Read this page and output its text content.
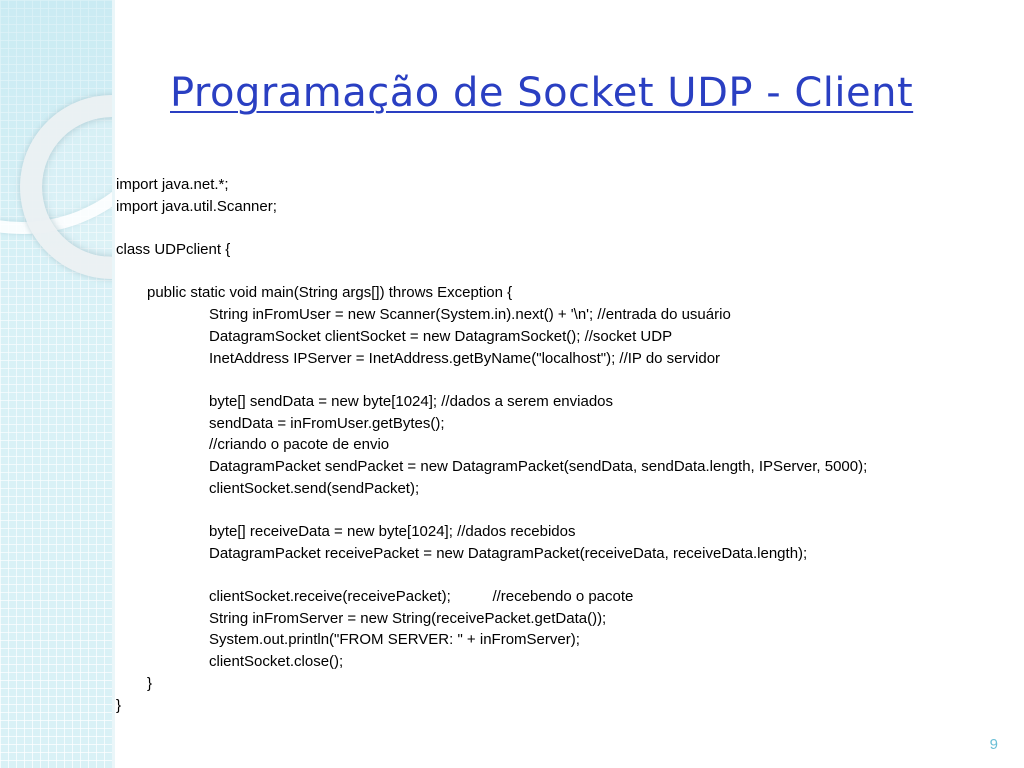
Programação de Socket UDP - Client
import java.net.*;
import java.util.Scanner;
class UDPclient {
public static void main(String args[]) throws Exception {
String inFromUser = new Scanner(System.in).next() + '\n'; //entrada do usuário
DatagramSocket clientSocket = new DatagramSocket(); //socket UDP
InetAddress IPServer = InetAddress.getByName("localhost"); //IP do servidor
byte[] sendData = new byte[1024]; //dados a serem enviados
sendData = inFromUser.getBytes();
//criando o pacote de envio
DatagramPacket sendPacket = new DatagramPacket(sendData, sendData.length, IPServer, 5000);
clientSocket.send(sendPacket);
byte[] receiveData = new byte[1024]; //dados recebidos
DatagramPacket receivePacket = new DatagramPacket(receiveData, receiveData.length);
clientSocket.receive(receivePacket);          //recebendo o pacote
String inFromServer = new String(receivePacket.getData());
System.out.println("FROM SERVER: " + inFromServer);
clientSocket.close();
}
}
9
